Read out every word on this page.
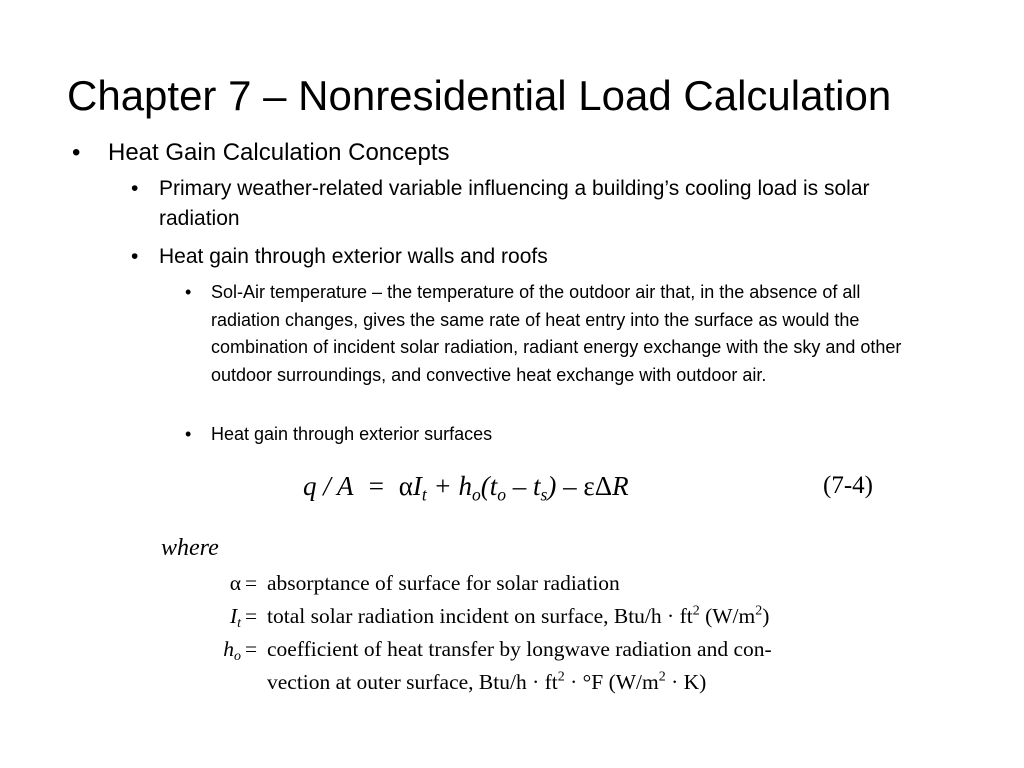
Chapter 7 – Nonresidential Load Calculation
• Heat Gain Calculation Concepts
• Primary weather-related variable influencing a building’s cooling load is solar radiation
• Heat gain through exterior walls and roofs
•	Sol-Air temperature – the temperature of the outdoor air that, in the absence of all radiation changes, gives the same rate of heat entry into the surface as would the combination of incident solar radiation, radiant energy exchange with the sky and other outdoor surroundings, and convective heat exchange with outdoor air.
•	Heat gain through exterior surfaces
$q / A = \alpha I_t + h_o(t_o - t_s) - \varepsilon\Delta R$	(7-4)
where
α = absorptance of surface for solar radiation
$I_t$ = total solar radiation incident on surface, $Btu/h \cdot ft^2$ $(W/m^2)$
$h_o$ = coefficient of heat transfer by longwave radiation and con-
vection at outer surface, $Btu/h \cdot ft^2 \cdot ^\circ F$ $(W/m^2 \cdot K)$
